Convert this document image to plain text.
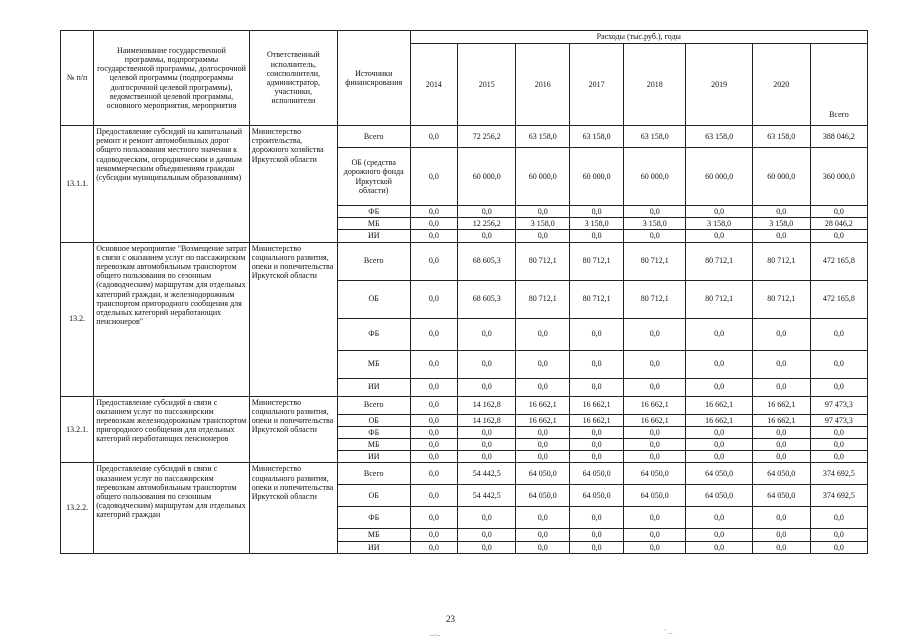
№ п/п	Наименование государственной программы, подпрограммы государственной программы, долгосрочной целевой программы (подпрограммы долгосрочной целевой программы), ведомственной целевой программы, основного мероприятия, мероприятия	Ответственный исполнитель, соисполнители, администратор, участники, исполнители	Источники финансирования	Расходы (тыс.руб.), годы							
				2014	2015	2016	2017	2018	2019	2020	Всего
13.1.1.	Предоставление субсидий на капитальный ремонт и ремонт автомобильных дорог общего пользования местного значения к садоводческим, огородническим и дачным некоммерческим объединениям граждан (субсидии муниципальным образованиям)	Министерство строительства, дорожного хозяйства Иркутской области	Всего	0,0	72 256,2	63 158,0	63 158,0	63 158,0	63 158,0	63 158,0	388 046,2
			ОБ (средства дорожного фонда Иркутской области)	0,0	60 000,0	60 000,0	60 000,0	60 000,0	60 000,0	60 000,0	360 000,0
			ФБ	0,0	0,0	0,0	0,0	0,0	0,0	0,0	0,0
			МБ	0,0	12 256,2	3 158,0	3 158,0	3 158,0	3 158,0	3 158,0	28 046,2
			ИИ	0,0	0,0	0,0	0,0	0,0	0,0	0,0	0,0
13.2.	Основное мероприятие "Возмещение затрат в связи с оказанием услуг по пассажирским перевозкам автомобильным транспортом общего пользования по сезонным (садоводческим) маршрутам для отдельных категорий граждан, и железнодорожным транспортом пригородного сообщения для отдельных категорий неработающих пенсионеров"	Министерство социального развития, опеки и попечительства Иркутской области	Всего	0,0	68 605,3	80 712,1	80 712,1	80 712,1	80 712,1	80 712,1	472 165,8
			ОБ	0,0	68 605,3	80 712,1	80 712,1	80 712,1	80 712,1	80 712,1	472 165,8
			ФБ	0,0	0,0	0,0	0,0	0,0	0,0	0,0	0,0
			МБ	0,0	0,0	0,0	0,0	0,0	0,0	0,0	0,0
			ИИ	0,0	0,0	0,0	0,0	0,0	0,0	0,0	0,0
13.2.1.	Предоставление субсидий в связи с оказанием услуг по пассажирским перевозкам железнодорожным транспортом пригородного сообщения для отдельных категорий неработающих пенсионеров	Министерство социального развития, опеки и попечительства Иркутской области	Всего	0,0	14 162,8	16 662,1	16 662,1	16 662,1	16 662,1	16 662,1	97 473,3
			ОБ	0,0	14 162,8	16 662,1	16 662,1	16 662,1	16 662,1	16 662,1	97 473,3
			ФБ	0,0	0,0	0,0	0,0	0,0	0,0	0,0	0,0
			МБ	0,0	0,0	0,0	0,0	0,0	0,0	0,0	0,0
			ИИ	0,0	0,0	0,0	0,0	0,0	0,0	0,0	0,0
13.2.2.	Предоставление субсидий в связи с оказанием услуг по пассажирским перевозкам автомобильным транспортом общего пользования по сезонным (садоводческим) маршрутам для отдельных категорий граждан	Министерство социального развития, опеки и попечительства Иркутской области	Всего	0,0	54 442,5	64 050,0	64 050,0	64 050,0	64 050,0	64 050,0	374 692,5
			ОБ	0,0	54 442,5	64 050,0	64 050,0	64 050,0	64 050,0	64 050,0	374 692,5
			ФБ	0,0	0,0	0,0	0,0	0,0	0,0	0,0	0,0
			МБ	0,0	0,0	0,0	0,0	0,0	0,0	0,0	0,0
			ИИ	0,0	0,0	0,0	0,0	0,0	0,0	0,0	0,0
23
_._	‧ _
